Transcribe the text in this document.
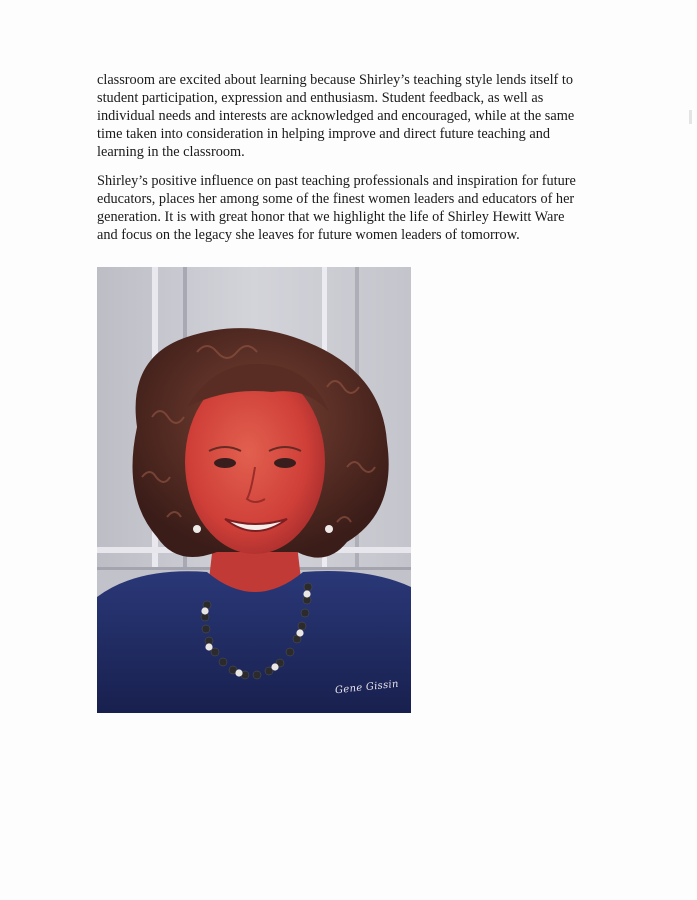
classroom are excited about learning because Shirley’s teaching style lends itself to
student participation, expression and enthusiasm. Student feedback, as well as
individual needs and interests are acknowledged and encouraged, while at the same
time taken into consideration in helping improve and direct future teaching and
learning in the classroom.
Shirley’s positive influence on past teaching professionals and inspiration for future
educators, places her among some of the finest women leaders and educators of her
generation. It is with great honor that we highlight the life of Shirley Hewitt Ware
and focus on the legacy she leaves for future women leaders of tomorrow.
Gene Gissin
